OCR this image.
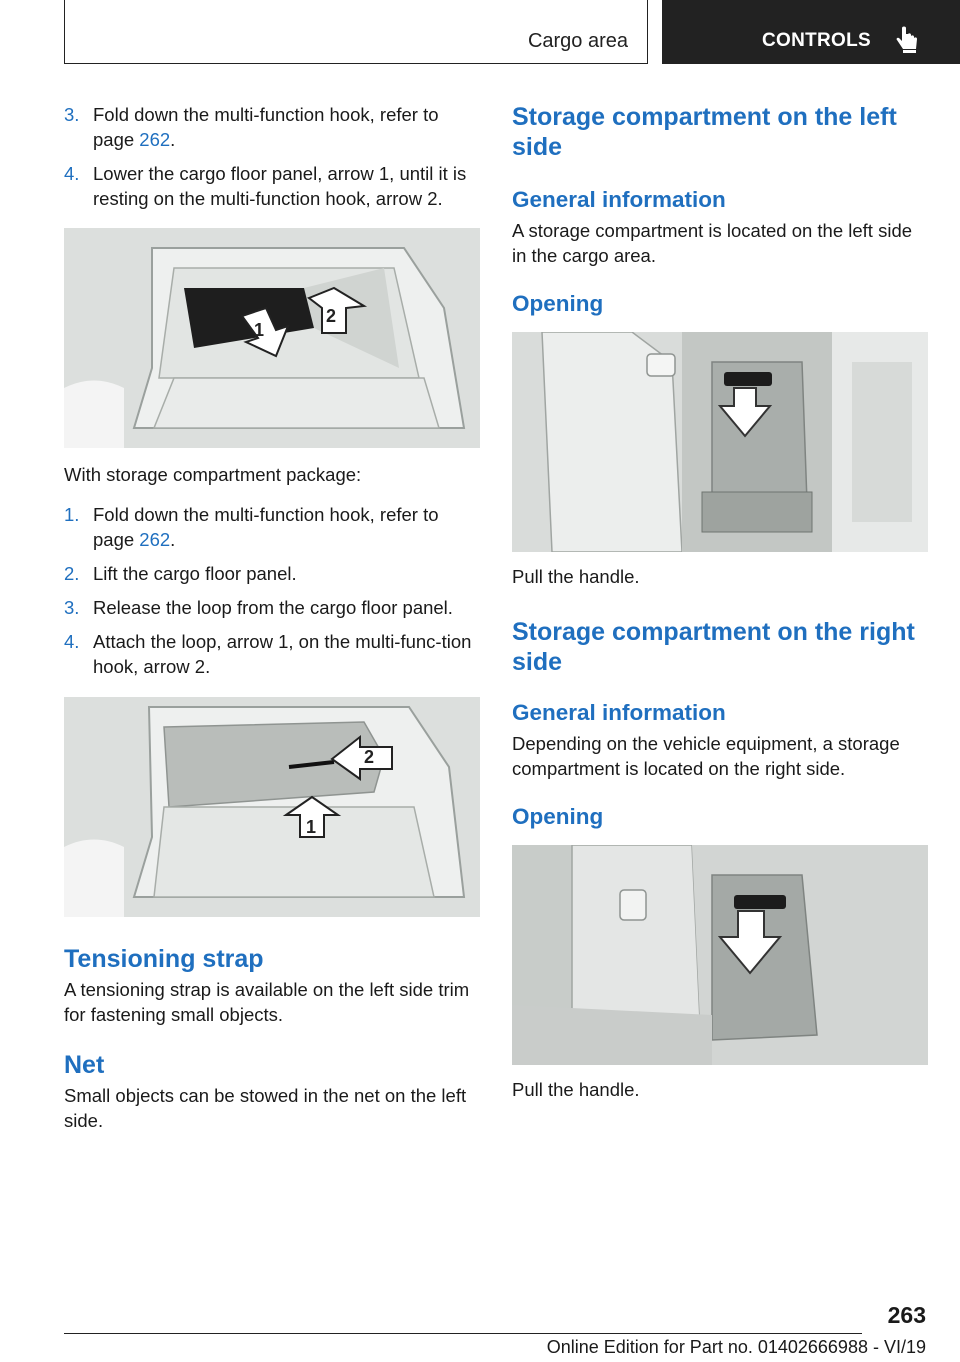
Cargo area	CONTROLS
3. Fold down the multi-function hook, refer to page 262.
4. Lower the cargo floor panel, arrow 1, until it is resting on the multi-function hook, arrow 2.
1
2

With storage compartment package:

1. Fold down the multi-function hook, refer to page 262.
2. Lift the cargo floor panel.
3. Release the loop from the cargo floor panel.
4. Attach the loop, arrow 1, on the multi-func-tion hook, arrow 2.
1
2
Tensioning strap

A tensioning strap is available on the left side trim for fastening small objects.

Net

Small objects can be stowed in the net on the left side.

Storage compartment on the left side
General information

A storage compartment is located on the left side in the cargo area.

Opening

Pull the handle.

Storage compartment on the right side
General information

Depending on the vehicle equipment, a storage compartment is located on the right side.

Opening

Pull the handle.

263
Online Edition for Part no. 01402666988 - VI/19
